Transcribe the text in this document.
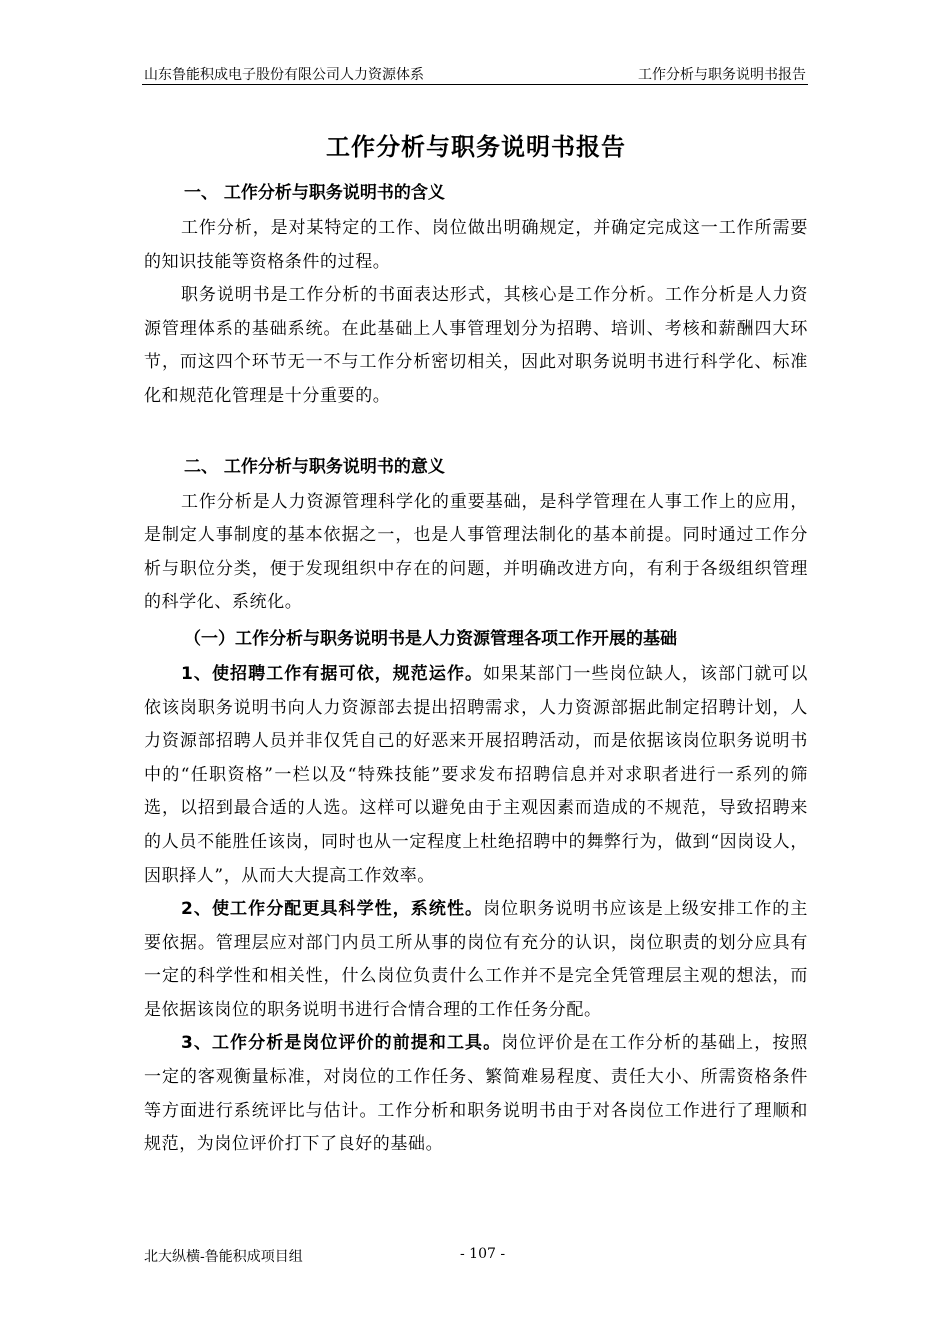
山东鲁能积成电子股份有限公司人力资源体系	工作分析与职务说明书报告
工作分析与职务说明书报告
一、 工作分析与职务说明书的含义

工作分析，是对某特定的工作、岗位做出明确规定，并确定完成这一工作所需要的知识技能等资格条件的过程。

职务说明书是工作分析的书面表达形式，其核心是工作分析。工作分析是人力资源管理体系的基础系统。在此基础上人事管理划分为招聘、培训、考核和薪酬四大环节，而这四个环节无一不与工作分析密切相关，因此对职务说明书进行科学化、标准化和规范化管理是十分重要的。

二、 工作分析与职务说明书的意义

工作分析是人力资源管理科学化的重要基础，是科学管理在人事工作上的应用，是制定人事制度的基本依据之一，也是人事管理法制化的基本前提。同时通过工作分析与职位分类，便于发现组织中存在的问题，并明确改进方向，有利于各级组织管理的科学化、系统化。

（一）工作分析与职务说明书是人力资源管理各项工作开展的基础

1、使招聘工作有据可依，规范运作。如果某部门一些岗位缺人，该部门就可以依该岗职务说明书向人力资源部去提出招聘需求，人力资源部据此制定招聘计划，人力资源部招聘人员并非仅凭自己的好恶来开展招聘活动，而是依据该岗位职务说明书中的“任职资格”一栏以及“特殊技能”要求发布招聘信息并对求职者进行一系列的筛选，以招到最合适的人选。这样可以避免由于主观因素而造成的不规范，导致招聘来的人员不能胜任该岗，同时也从一定程度上杜绝招聘中的舞弊行为，做到“因岗设人，因职择人”，从而大大提高工作效率。

2、使工作分配更具科学性，系统性。岗位职务说明书应该是上级安排工作的主要依据。管理层应对部门内员工所从事的岗位有充分的认识，岗位职责的划分应具有一定的科学性和相关性，什么岗位负责什么工作并不是完全凭管理层主观的想法，而是依据该岗位的职务说明书进行合情合理的工作任务分配。

3、工作分析是岗位评价的前提和工具。岗位评价是在工作分析的基础上，按照一定的客观衡量标准，对岗位的工作任务、繁简难易程度、责任大小、所需资格条件等方面进行系统评比与估计。工作分析和职务说明书由于对各岗位工作进行了理顺和规范，为岗位评价打下了良好的基础。

北大纵横-鲁能积成项目组	- 107 -
